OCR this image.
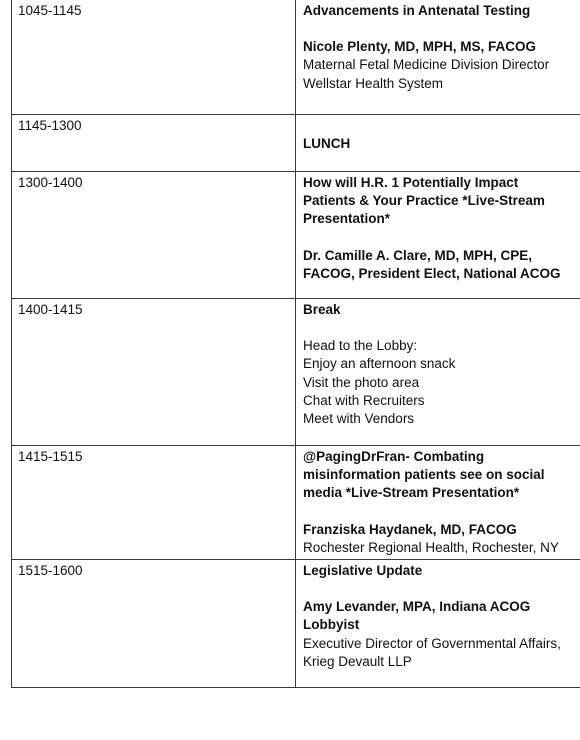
1045-1145	Advancements in Antenatal Testing

Nicole Plenty, MD, MPH, MS, FACOG

Maternal Fetal Medicine Division Director

Wellstar Health System

1145-1300

LUNCH

1300-1400	How will H.R. 1 Potentially Impact

Patients & Your Practice *Live-Stream

Presentation*

Dr. Camille A. Clare, MD, MPH, CPE,

FACOG, President Elect, National ACOG

1400-1415	Break

Head to the Lobby:

Enjoy an afternoon snack

Visit the photo area

Chat with Recruiters

Meet with Vendors

1415-1515	@PagingDrFran- Combating

misinformation patients see on social

media *Live-Stream Presentation*

Franziska Haydanek, MD, FACOG

Rochester Regional Health, Rochester, NY

1515-1600	Legislative Update

Amy Levander, MPA, Indiana ACOG

Lobbyist

Executive Director of Governmental Affairs,

Krieg Devault LLP
